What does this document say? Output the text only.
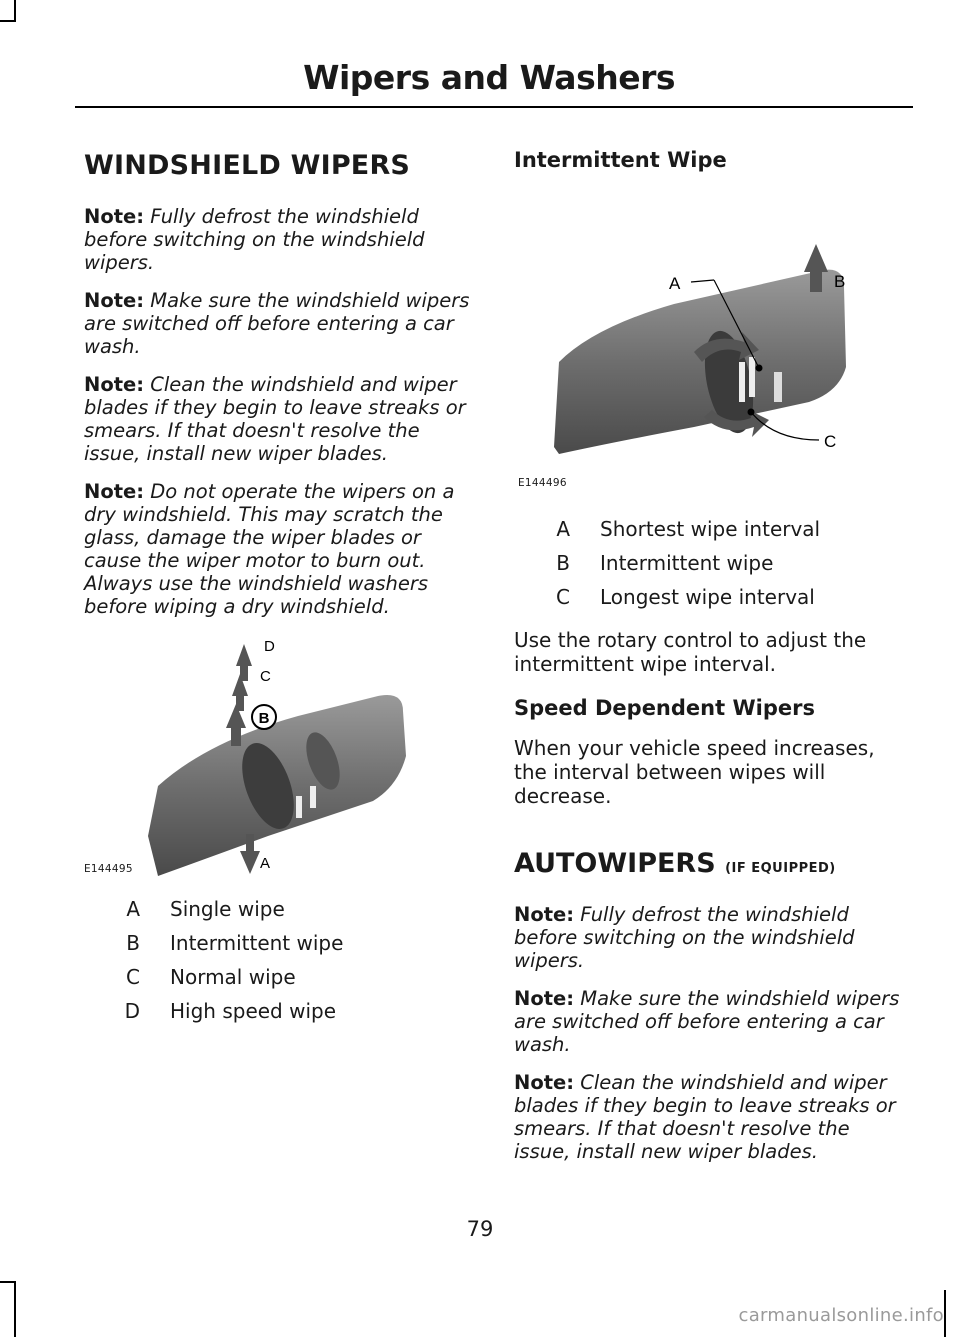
Wipers and Washers
WINDSHIELD WIPERS
Note: Fully defrost the windshield before switching on the windshield wipers.
Note: Make sure the windshield wipers are switched off before entering a car wash.
Note: Clean the windshield and wiper blades if they begin to leave streaks or smears. If that doesn't resolve the issue, install new wiper blades.
Note: Do not operate the wipers on a dry windshield. This may scratch the glass, damage the wiper blades or cause the wiper motor to burn out. Always use the windshield washers before wiping a dry windshield.
B
D
C
A
E144495
A	Single wipe
B	Intermittent wipe
C	Normal wipe
D	High speed wipe
Intermittent Wipe
A	B
C
E144496
A	Shortest wipe interval
B	Intermittent wipe
C	Longest wipe interval

Use the rotary control to adjust the intermittent wipe interval.

Speed Dependent Wipers

When your vehicle speed increases, the interval between wipes will decrease.

AUTOWIPERS (IF EQUIPPED)
Note: Fully defrost the windshield before switching on the windshield wipers.
Note: Make sure the windshield wipers are switched off before entering a car wash.
Note: Clean the windshield and wiper blades if they begin to leave streaks or smears. If that doesn't resolve the issue, install new wiper blades.
79
carmanualsonline.info
